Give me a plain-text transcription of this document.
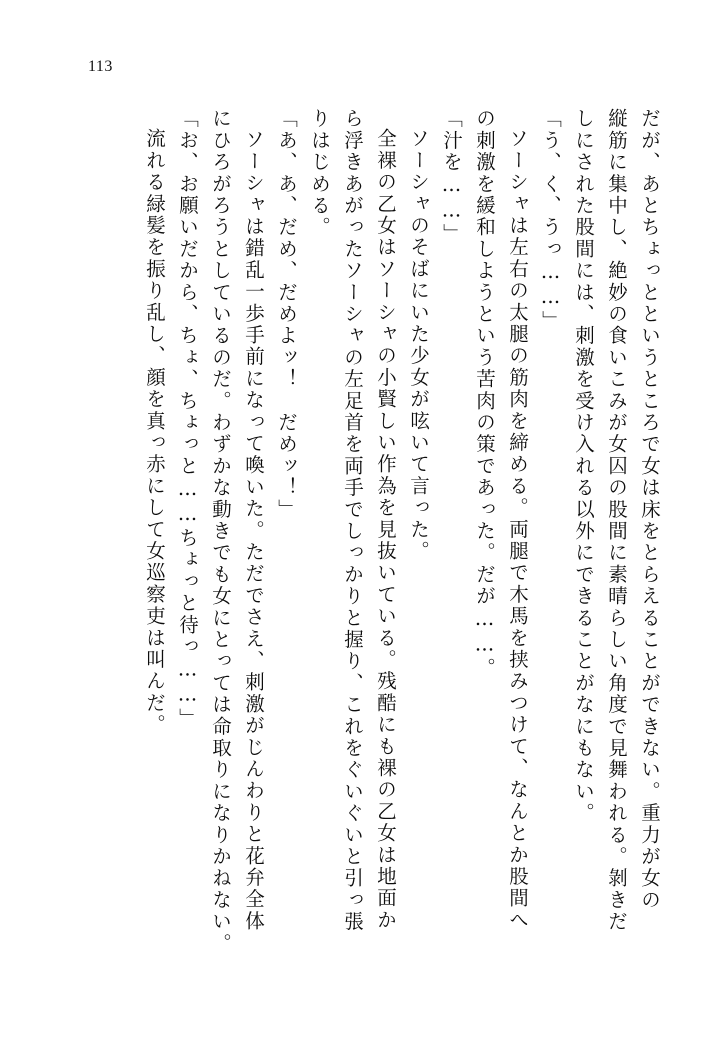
113
だが、あとちょっとというところで女は床をとらえることができない。重力が女の
縦筋に集中し、絶妙の食いこみが女囚の股間に素晴らしい角度で見舞われる。剝きだ
しにされた股間には、刺激を受け入れる以外にできることがなにもない。
「う、く、うっ……」
ソーシャは左右の太腿の筋肉を締める。両腿で木馬を挟みつけて、なんとか股間へ
の刺激を緩和しようという苦肉の策であった。だが……。
「汁を……」
ソーシャのそばにいた少女が呟いて言った。
全裸の乙女はソーシャの小賢しい作為を見抜いている。残酷にも裸の乙女は地面か
ら浮きあがったソーシャの左足首を両手でしっかりと握り、これをぐいぐいと引っ張
りはじめる。
「あ、あ、だめ、だめよッ！　だめッ！」
ソーシャは錯乱一歩手前になって喚いた。ただでさえ、刺激がじんわりと花弁全体
にひろがろうとしているのだ。わずかな動きでも女にとっては命取りになりかねない。
「お、お願いだから、ちょ、ちょっと……ちょっと待っ……」
流れる緑髪を振り乱し、顔を真っ赤にして女巡察吏は叫んだ。
